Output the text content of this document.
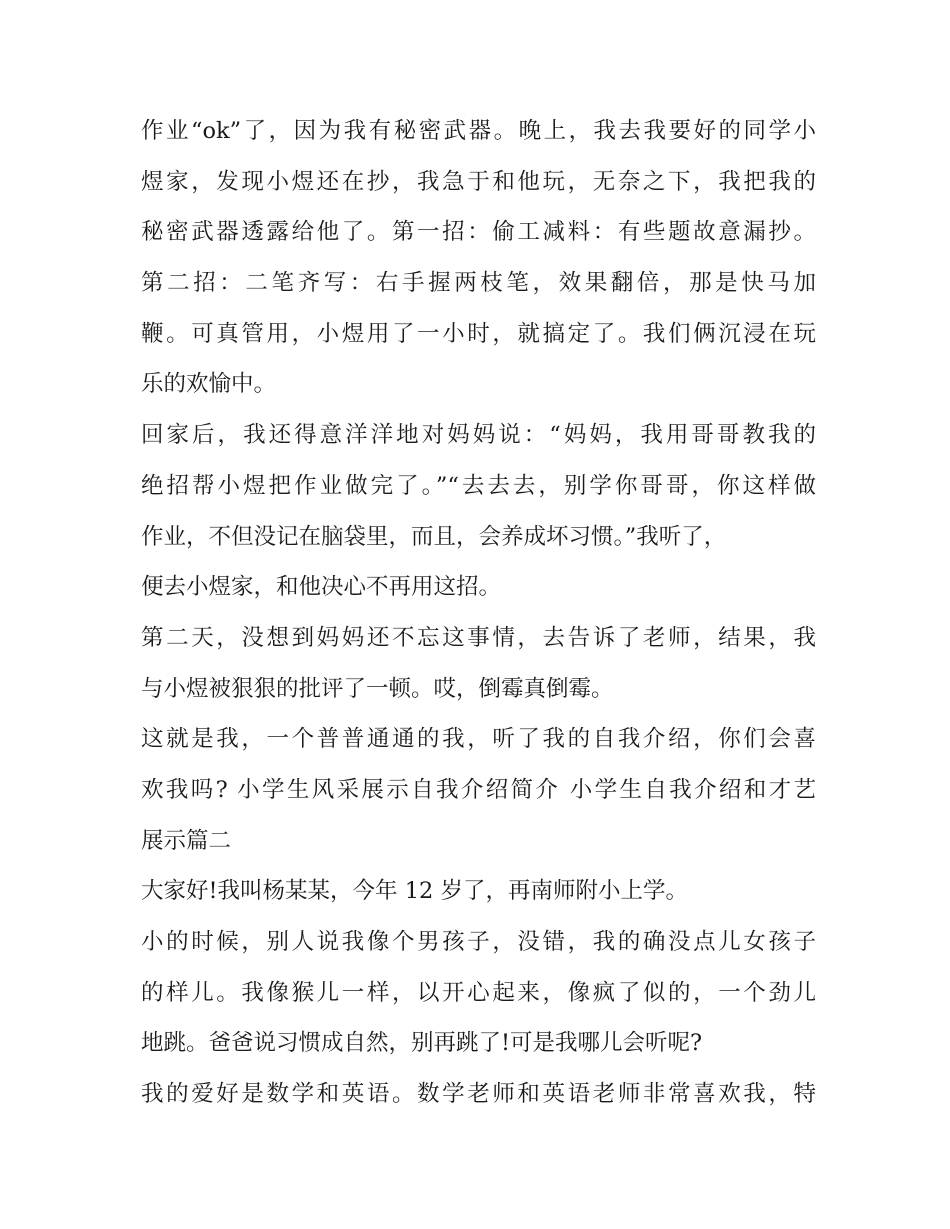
作业“ok”了，因为我有秘密武器。晚上，我去我要好的同学小
煜家，发现小煜还在抄，我急于和他玩，无奈之下，我把我的
秘密武器透露给他了。第一招：偷工减料：有些题故意漏抄。
第二招：二笔齐写：右手握两枝笔，效果翻倍，那是快马加
鞭。可真管用，小煜用了一小时，就搞定了。我们俩沉浸在玩
乐的欢愉中。
回家后，我还得意洋洋地对妈妈说：“妈妈，我用哥哥教我的
绝招帮小煜把作业做完了。”“去去去，别学你哥哥，你这样做
作业，不但没记在脑袋里，而且，会养成坏习惯。”我听了，
便去小煜家，和他决心不再用这招。
第二天，没想到妈妈还不忘这事情，去告诉了老师，结果，我
与小煜被狠狠的批评了一顿。哎，倒霉真倒霉。
这就是我，一个普普通通的我，听了我的自我介绍，你们会喜
欢我吗? 小学生风采展示自我介绍简介 小学生自我介绍和才艺
展示篇二
大家好!我叫杨某某，今年 12 岁了，再南师附小上学。
小的时候，别人说我像个男孩子，没错，我的确没点儿女孩子
的样儿。我像猴儿一样，以开心起来，像疯了似的，一个劲儿
地跳。爸爸说习惯成自然，别再跳了!可是我哪儿会听呢?
我的爱好是数学和英语。数学老师和英语老师非常喜欢我，特
